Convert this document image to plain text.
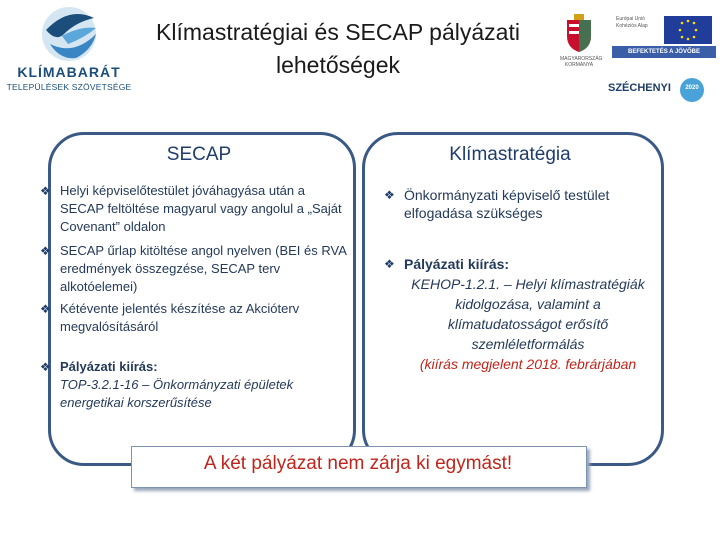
KLÍMABARÁT
TELEPÜLÉSEK SZÖVETSÉGE
Klímastratégiai és SECAP pályázati
lehetőségek	MAGYARORSZÁG KORMÁNYA
Európai Unió Kohéziós Alap
BEFEKTETÉS A JÖVŐBE
SZÉCHENYI	2020
SECAP	Klímastratégia
❖ Helyi képviselőtestület jóváhagyása után a SECAP feltöltése magyarul vagy angolul a „Saját Covenant” oldalon
❖ SECAP űrlap kitöltése angol nyelven (BEI és RVA eredmények összegzése, SECAP terv alkotóelemei)
❖ Kétévente jelentés készítése az Akcióterv megvalósításáról
❖ Pályázati kiírás:
TOP-3.2.1-16 – Önkormányzati épületek energetikai korszerűsítése
❖ Önkormányzati képviselő testület elfogadása szükséges
❖ Pályázati kiírás:
KEHOP-1.2.1. – Helyi klímastratégiák kidolgozása, valamint a klímatudatosságot erősítő szemléletformálás
(kiírás megjelent 2018. febrárjában
A két pályázat nem zárja ki egymást!
